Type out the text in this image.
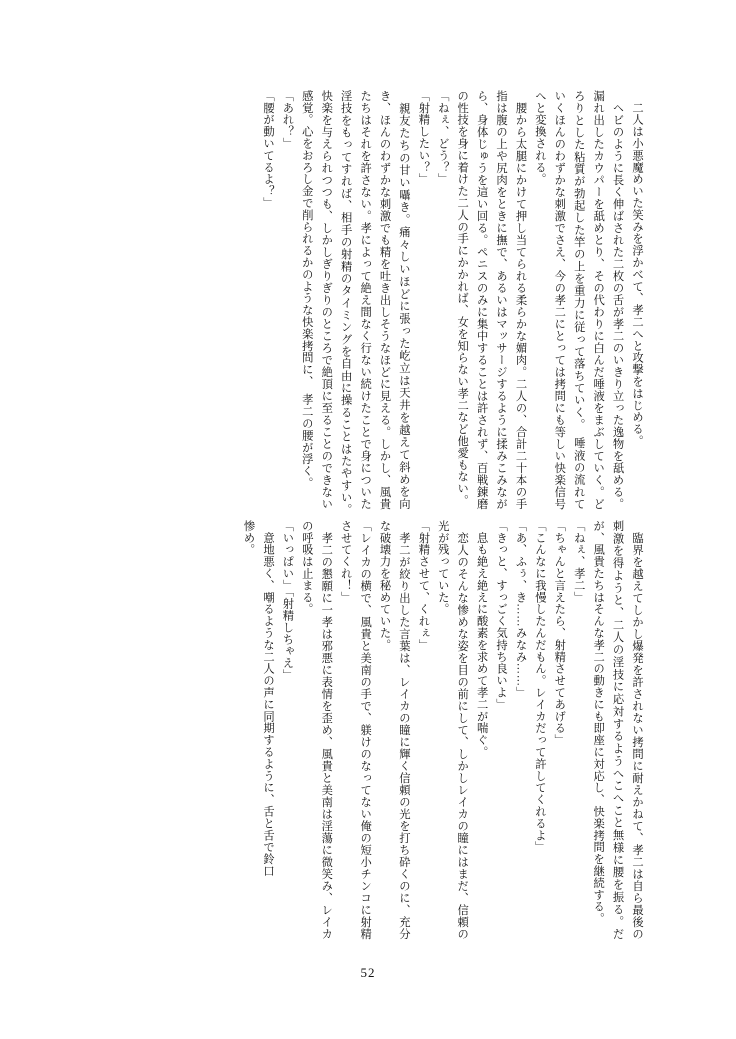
　二人は小悪魔めいた笑みを浮かべて、孝二へと攻撃をはじめる。

　ヘビのように長く伸ばされた二枚の舌が孝二のいきり立った逸物を舐める。漏れ出したカウパーを舐めとり、その代わりに白んだ唾液をまぶしていく。どろりとした粘質が勃起した竿の上を重力に従って落ちていく。　唾液の流れていくほんのわずかな刺激でさえ、今の孝二にとっては拷問にも等しい快楽信号へと変換される。

　腰から太腿にかけて押し当てられる柔らかな媚肉。二人の、合計二十本の手指は腹の上や尻肉をときに撫で、あるいはマッサージするように揉みこみながら、身体じゅうを這い回る。ペニスのみに集中することは許されず、百戦錬磨の性技を身に着けた二人の手にかかれば、女を知らない孝二など他愛もない。

「ねぇ、どう？」

「射精したい？」

　親友たちの甘い囁き。痛々しいほどに張った屹立は天井を越えて斜めを向き、ほんのわずかな刺激でも精を吐き出しそうなほどに見える。しかし、風貴たちはそれを許さない。孝によって絶え間なく行ない続けたことで身についた淫技をもってすれば、相手の射精のタイミングを自由に操ることはたやすい。　快楽を与えられつつも、しかしぎりぎりのところで絶頂に至ることのできない感覚。心をおろし金で削られるかのような快楽拷問に、　孝二の腰が浮く。

「あれ？」

「腰が動いてるよ？」

　臨界を越えてしかし爆発を許されない拷問に耐えかねて、孝二は自ら最後の刺激を得ようと、二人の淫技に応対するようへこへこと無様に腰を振る。だが、風貴たちはそんな孝二の動きにも即座に対応し、快楽拷問を継続する。

「ねぇ、孝二」

「ちゃんと言えたら、射精させてあげる」

「こんなに我慢したんだもん。レイカだって許してくれるよ」

「あ、ふぅ、き……みなみ……」

「きっと、すっごく気持ち良いよ」

　息も絶え絶えに酸素を求めて孝二が喘ぐ。

　恋人のそんな惨めな姿を目の前にして、しかしレイカの瞳にはまだ、信頼の光が残っていた。

「射精させて、くれぇ」

　孝二が絞り出した言葉は、レイカの瞳に輝く信頼の光を打ち砕くのに、充分な破壊力を秘めていた。

「レイカの横で、風貴と美南の手で、躾けのなってない俺の短小チンコに射精させてくれ！」

　孝二の懇願に一孝は邪悪に表情を歪め、風貴と美南は淫蕩に微笑み、レイカの呼吸は止まる。

「いっぱい」「射精しちゃえ」

　意地悪く、嘲るような二人の声に同期するように、舌と舌で鈴口

惨め。

52
